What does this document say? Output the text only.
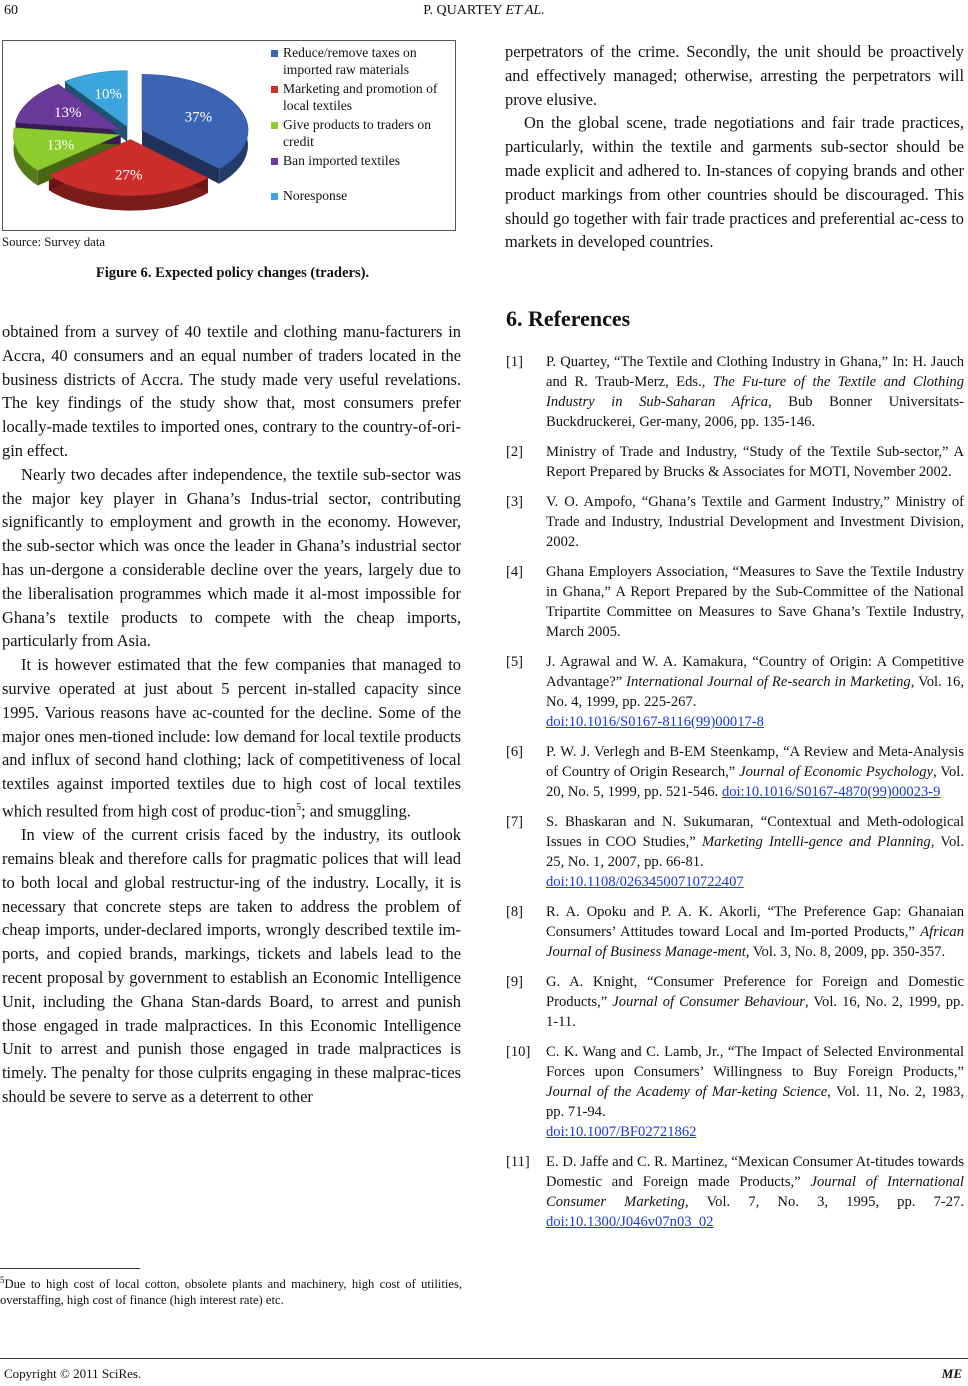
60	P. QUARTEY ET AL.
37%
27%
13%
13%
10%
Reduce/remove taxes on imported raw materials
Marketing and promotion of local textiles
Give products to traders on credit
Ban imported textiles
Noresponse
Source: Survey data
Figure 6. Expected policy changes (traders).

obtained from a survey of 40 textile and clothing manu-facturers in Accra, 40 consumers and an equal number of traders located in the business districts of Accra. The study made very useful revelations. The key findings of the study show that, most consumers prefer locally-made textiles to imported ones, contrary to the country-of-ori-gin effect.

Nearly two decades after independence, the textile sub-sector was the major key player in Ghana’s Indus-trial sector, contributing significantly to employment and growth in the economy. However, the sub-sector which was once the leader in Ghana’s industrial sector has un-dergone a considerable decline over the years, largely due to the liberalisation programmes which made it al-most impossible for Ghana’s textile products to compete with the cheap imports, particularly from Asia.

It is however estimated that the few companies that managed to survive operated at just about 5 percent in-stalled capacity since 1995. Various reasons have ac-counted for the decline. Some of the major ones men-tioned include: low demand for local textile products and influx of second hand clothing; lack of competitiveness of local textiles against imported textiles due to high cost of local textiles which resulted from high cost of produc-tion$^5$; and smuggling.

In view of the current crisis faced by the industry, its outlook remains bleak and therefore calls for pragmatic polices that will lead to both local and global restructur-ing of the industry. Locally, it is necessary that concrete steps are taken to address the problem of cheap imports, under-declared imports, wrongly described textile im-ports, and copied brands, markings, tickets and labels lead to the recent proposal by government to establish an Economic Intelligence Unit, including the Ghana Stan-dards Board, to arrest and punish those engaged in trade malpractices. In this Economic Intelligence Unit to arrest and punish those engaged in trade malpractices is timely. The penalty for those culprits engaging in these malprac-tices should be severe to serve as a deterrent to other

$^5$Due to high cost of local cotton, obsolete plants and machinery, high cost of utilities, overstaffing, high cost of finance (high interest rate) etc.

perpetrators of the crime. Secondly, the unit should be proactively and effectively managed; otherwise, arresting the perpetrators will prove elusive.

On the global scene, trade negotiations and fair trade practices, particularly, within the textile and garments sub-sector should be made explicit and adhered to. In-stances of copying brands and other product markings from other countries should be discouraged. This should go together with fair trade practices and preferential ac-cess to markets in developed countries.

6. References
[1] P. Quartey, “The Textile and Clothing Industry in Ghana,” In: H. Jauch and R. Traub-Merz, Eds., The Fu-ture of the Textile and Clothing Industry in Sub-Saharan Africa, Bub Bonner Universitats-Buckdruckerei, Ger-many, 2006, pp. 135-146.
[2] Ministry of Trade and Industry, “Study of the Textile Sub-sector,” A Report Prepared by Brucks & Associates for MOTI, November 2002.
[3] V. O. Ampofo, “Ghana’s Textile and Garment Industry,” Ministry of Trade and Industry, Industrial Development and Investment Division, 2002.
[4] Ghana Employers Association, “Measures to Save the Textile Industry in Ghana,” A Report Prepared by the Sub-Committee of the National Tripartite Committee on Measures to Save Ghana’s Textile Industry, March 2005.
[5] J. Agrawal and W. A. Kamakura, “Country of Origin: A Competitive Advantage?” International Journal of Re-search in Marketing, Vol. 16, No. 4, 1999, pp. 225-267.
doi:10.1016/S0167-8116(99)00017-8
[6] P. W. J. Verlegh and B-EM Steenkamp, “A Review and Meta-Analysis of Country of Origin Research,” Journal of Economic Psychology, Vol. 20, No. 5, 1999, pp. 521-546. doi:10.1016/S0167-4870(99)00023-9
[7] S. Bhaskaran and N. Sukumaran, “Contextual and Meth-odological Issues in COO Studies,” Marketing Intelli-gence and Planning, Vol. 25, No. 1, 2007, pp. 66-81.
doi:10.1108/02634500710722407
[8] R. A. Opoku and P. A. K. Akorli, “The Preference Gap: Ghanaian Consumers’ Attitudes toward Local and Im-ported Products,” African Journal of Business Manage-ment, Vol. 3, No. 8, 2009, pp. 350-357.
[9] G. A. Knight, “Consumer Preference for Foreign and Domestic Products,” Journal of Consumer Behaviour, Vol. 16, No. 2, 1999, pp. 1-11.
[10] C. K. Wang and C. Lamb, Jr., “The Impact of Selected Environmental Forces upon Consumers’ Willingness to Buy Foreign Products,” Journal of the Academy of Mar-keting Science, Vol. 11, No. 2, 1983, pp. 71-94.
doi:10.1007/BF02721862
[11] E. D. Jaffe and C. R. Martinez, “Mexican Consumer At-titudes towards Domestic and Foreign made Products,” Journal of International Consumer Marketing, Vol. 7, No. 3, 1995, pp. 7-27. doi:10.1300/J046v07n03_02
Copyright © 2011 SciRes.	ME
